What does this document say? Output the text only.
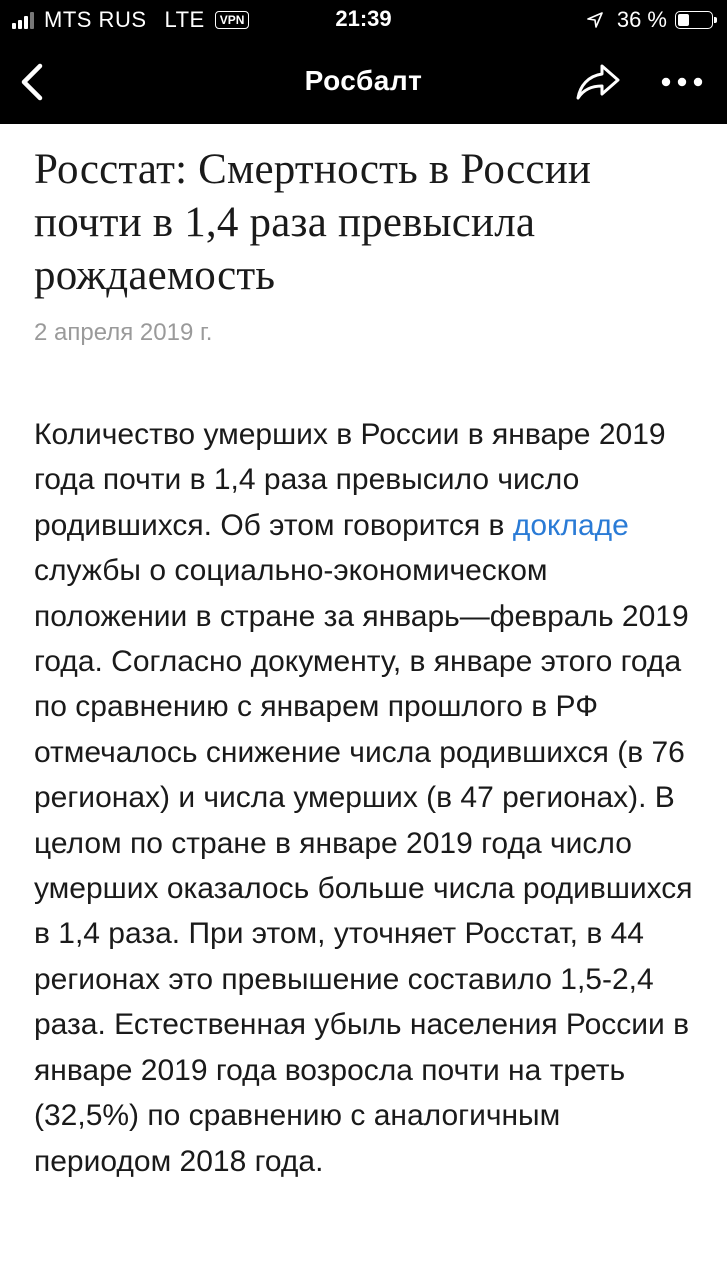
MTS RUS LTE	VPN	21:39	36 %
Росбалт
Росстат: Смертность в России почти в 1,4 раза превысила рождаемость
2 апреля 2019 г.
Количество умерших в России в январе 2019 года почти в 1,4 раза превысило число родившихся. Об этом говорится в докладе службы о социально-экономическом положении в стране за январь—февраль 2019 года. Согласно документу, в январе этого года по сравнению с январем прошлого в РФ отмечалось снижение числа родившихся (в 76 регионах) и числа умерших (в 47 регионах). В целом по стране в январе 2019 года число умерших оказалось больше числа родившихся в 1,4 раза. При этом, уточняет Росстат, в 44 регионах это превышение составило 1,5-2,4 раза. Естественная убыль населения России в январе 2019 года возросла почти на треть (32,5%) по сравнению с аналогичным периодом 2018 года.
